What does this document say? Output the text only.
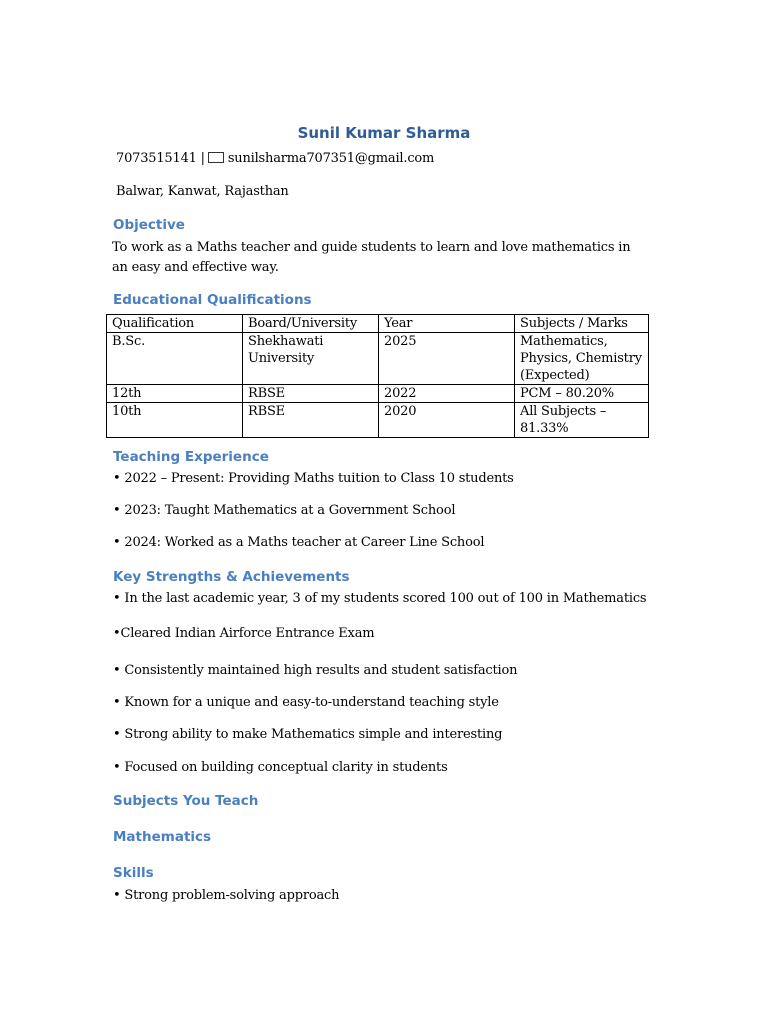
Sunil Kumar Sharma
7073515141 | sunilsharma707351@gmail.com
Balwar, Kanwat, Rajasthan
Objective
To work as a Maths teacher and guide students to learn and love mathematics in an easy and effective way.
Educational Qualifications
Qualification	Board/University	Year	Subjects / Marks
B.Sc.	Shekhawati University	2025	Mathematics, Physics, Chemistry (Expected)
12th	RBSE	2022	PCM – 80.20%
10th	RBSE	2020	All Subjects – 81.33%
Teaching Experience
• 2022 – Present: Providing Maths tuition to Class 10 students
• 2023: Taught Mathematics at a Government School
• 2024: Worked as a Maths teacher at Career Line School
Key Strengths & Achievements
• In the last academic year, 3 of my students scored 100 out of 100 in Mathematics
•Cleared Indian Airforce Entrance Exam
• Consistently maintained high results and student satisfaction
• Known for a unique and easy-to-understand teaching style
• Strong ability to make Mathematics simple and interesting
• Focused on building conceptual clarity in students
Subjects You Teach
Mathematics
Skills
• Strong problem-solving approach
